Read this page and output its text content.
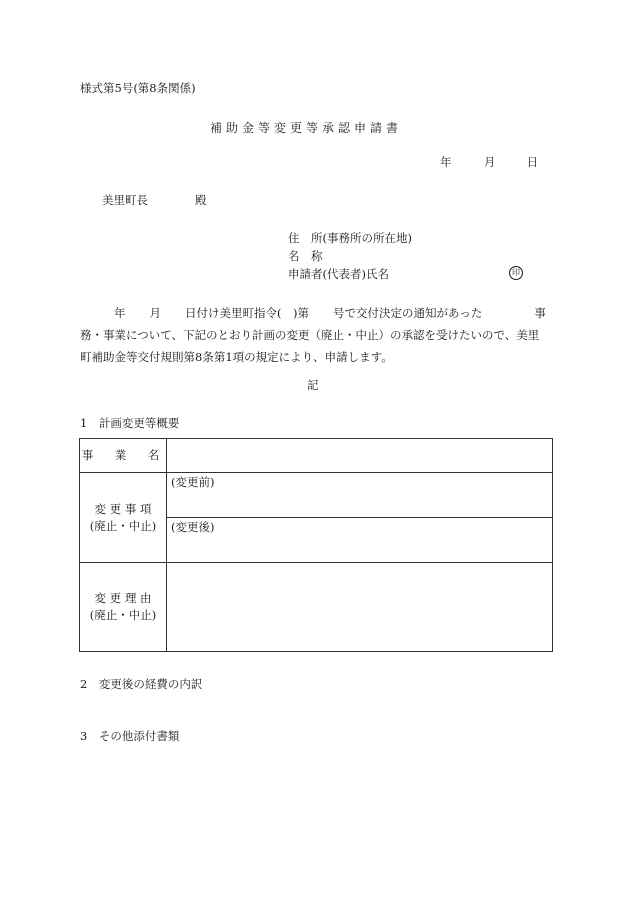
様式第5号(第8条関係)
補助金等変更等承認申請書
年	月	日
美里町長	殿
住　所(事務所の所在地)
名　称
申請者(代表者)氏名	印
年 月 日付け美里町指令(　)第 号で交付決定の通知があった	事
務・事業について、下記のとおり計画の変更（廃止・中止）の承認を受けたいので、美里
町補助金等交付規則第8条第1項の規定により、申請します。
記
1　計画変更等概要
事　業　名	

変 更 事 項
(廃止・中止)	(変更前)
	(変更後)

変 更 理 由
(廃止・中止)	

2　変更後の経費の内訳
3　その他添付書類
